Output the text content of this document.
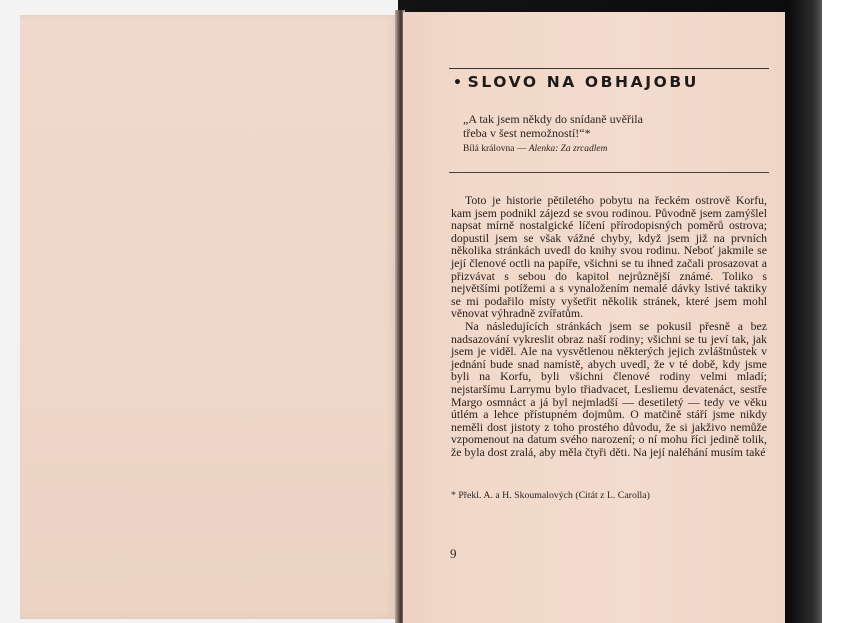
• SLOVO NA OBHAJOBU
„A tak jsem někdy do snídaně uvěřila
třeba v šest nemožností!“*
Bílá královna — Alenka: Za zrcadlem

Toto je historie pětiletého pobytu na řeckém ostrově Korfu, kam jsem podnikl zájezd se svou rodinou. Původně jsem zamýšlel napsat mírně nostalgické líčení přírodopisných poměrů ostrova; dopustil jsem se však vážné chyby, když jsem již na prvních několika stránkách uvedl do knihy svou rodinu. Neboť jakmile se její členové octli na papíře, všichni se tu ihned začali prosazovat a přizvávat s sebou do kapitol nejrůznější známé. Toliko s největšími potížemi a s vynaložením nemalé dávky lstivé taktiky se mi podařilo místy vyšetřit několik stránek, které jsem mohl věnovat výhradně zvířatům.

Na následujících stránkách jsem se pokusil přesně a bez nadsazování vykreslit obraz naší rodiny; všichni se tu jeví tak, jak jsem je viděl. Ale na vysvětlenou některých jejich zvláštnůstek v jednání bude snad namístě, abych uvedl, že v té době, kdy jsme byli na Korfu, byli všichni členové rodiny velmi mladí; nejstaršímu Larrymu bylo třiadvacet, Lesliemu devatenáct, sestře Margo osmnáct a já byl nejmladší — desetiletý — tedy ve věku útlém a lehce přístupném dojmům. O matčině stáří jsme nikdy neměli dost jistoty z toho prostého důvodu, že si jakživo nemůže vzpomenout na datum svého narození; o ní mohu říci jedině tolik, že byla dost zralá, aby měla čtyři děti. Na její naléhání musím také

* Překl. A. a H. Skoumalových (Citát z L. Carolla)
9
